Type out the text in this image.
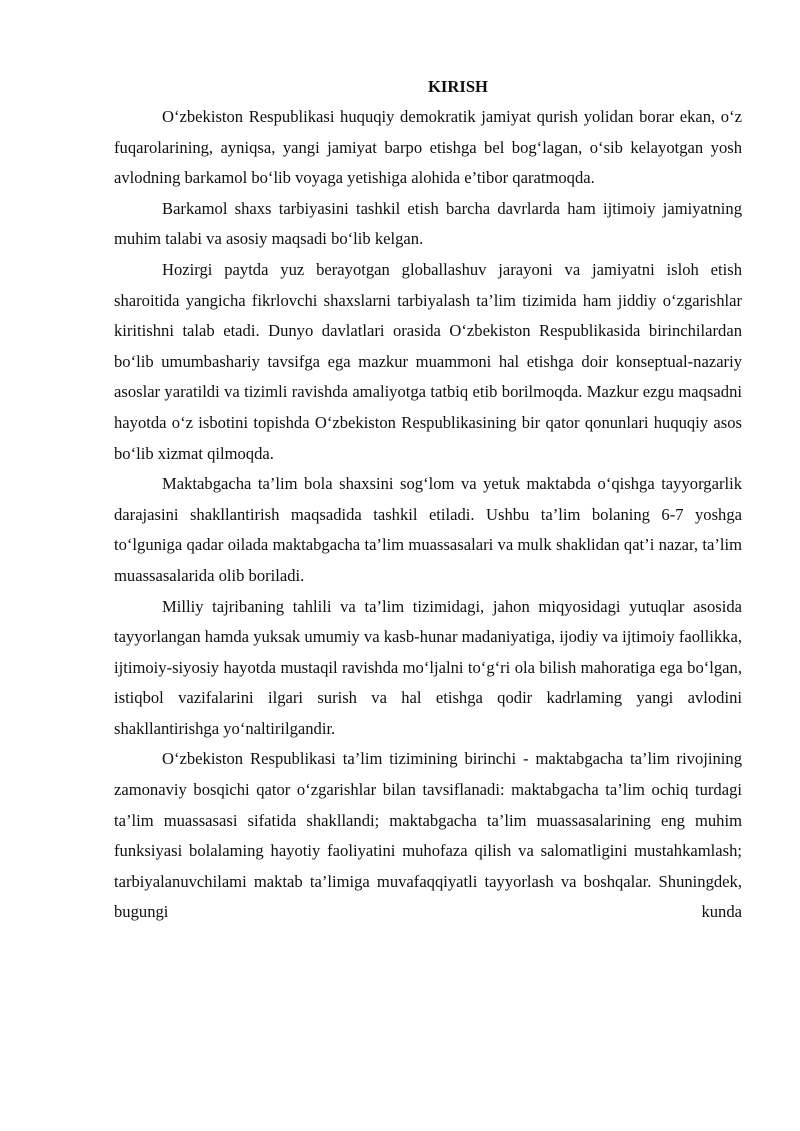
KIRISH

O‘zbekiston Respublikasi huquqiy demokratik jamiyat qurish yolidan borar ekan, o‘z fuqarolarining, ayniqsa, yangi jamiyat barpo etishga bel bog‘lagan, o‘sib kelayotgan yosh avlodning barkamol bo‘lib voyaga yetishiga alohida e’tibor qaratmoqda.

Barkamol shaxs tarbiyasini tashkil etish barcha davrlarda ham ijtimoiy jamiyatning muhim talabi va asosiy maqsadi bo‘lib kelgan.

Hozirgi paytda yuz berayotgan globallashuv jarayoni va jamiyatni isloh etish sharoitida yangicha fikrlovchi shaxslarni tarbiyalash ta’lim tizimida ham jiddiy o‘zgarishlar kiritishni talab etadi. Dunyo davlatlari orasida O‘zbekiston Respublikasida birinchilardan bo‘lib umumbashariy tavsifga ega mazkur muammoni hal etishga doir konseptual-nazariy asoslar yaratildi va tizimli ravishda amaliyotga tatbiq etib borilmoqda. Mazkur ezgu maqsadni hayotda o‘z isbotini topishda O‘zbekiston Respublikasining bir qator qonunlari huquqiy asos bo‘lib xizmat qilmoqda.

Maktabgacha ta’lim bola shaxsini sog‘lom va yetuk maktabda o‘qishga tayyorgarlik darajasini shakllantirish maqsadida tashkil etiladi. Ushbu ta’lim bolaning 6-7 yoshga to‘lguniga qadar oilada maktabgacha ta’lim muassasalari va mulk shaklidan qat’i nazar, ta’lim muassasalarida olib boriladi.

Milliy tajribaning tahlili va ta’lim tizimidagi, jahon miqyosidagi yutuqlar asosida tayyorlangan hamda yuksak umumiy va kasb-hunar madaniyatiga, ijodiy va ijtimoiy faollikka, ijtimoiy-siyosiy hayotda mustaqil ravishda mo‘ljalni to‘g‘ri ola bilish mahoratiga ega bo‘lgan, istiqbol vazifalarini ilgari surish va hal etishga qodir kadrlaming yangi avlodini shakllantirishga yo‘naltirilgandir.

O‘zbekiston Respublikasi ta’lim tizimining birinchi - maktabgacha ta’lim rivojining zamonaviy bosqichi qator o‘zgarishlar bilan tavsiflanadi: maktabgacha ta’lim ochiq turdagi ta’lim muassasasi sifatida shakllandi; maktabgacha ta’lim muassasalarining eng muhim funksiyasi bolalaming hayotiy faoliyatini muhofaza qilish va salomatligini mustahkamlash; tarbiyalanuvchilami maktab ta’limiga muvafaqqiyatli tayyorlash va boshqalar. Shuningdek, bugungi kunda
